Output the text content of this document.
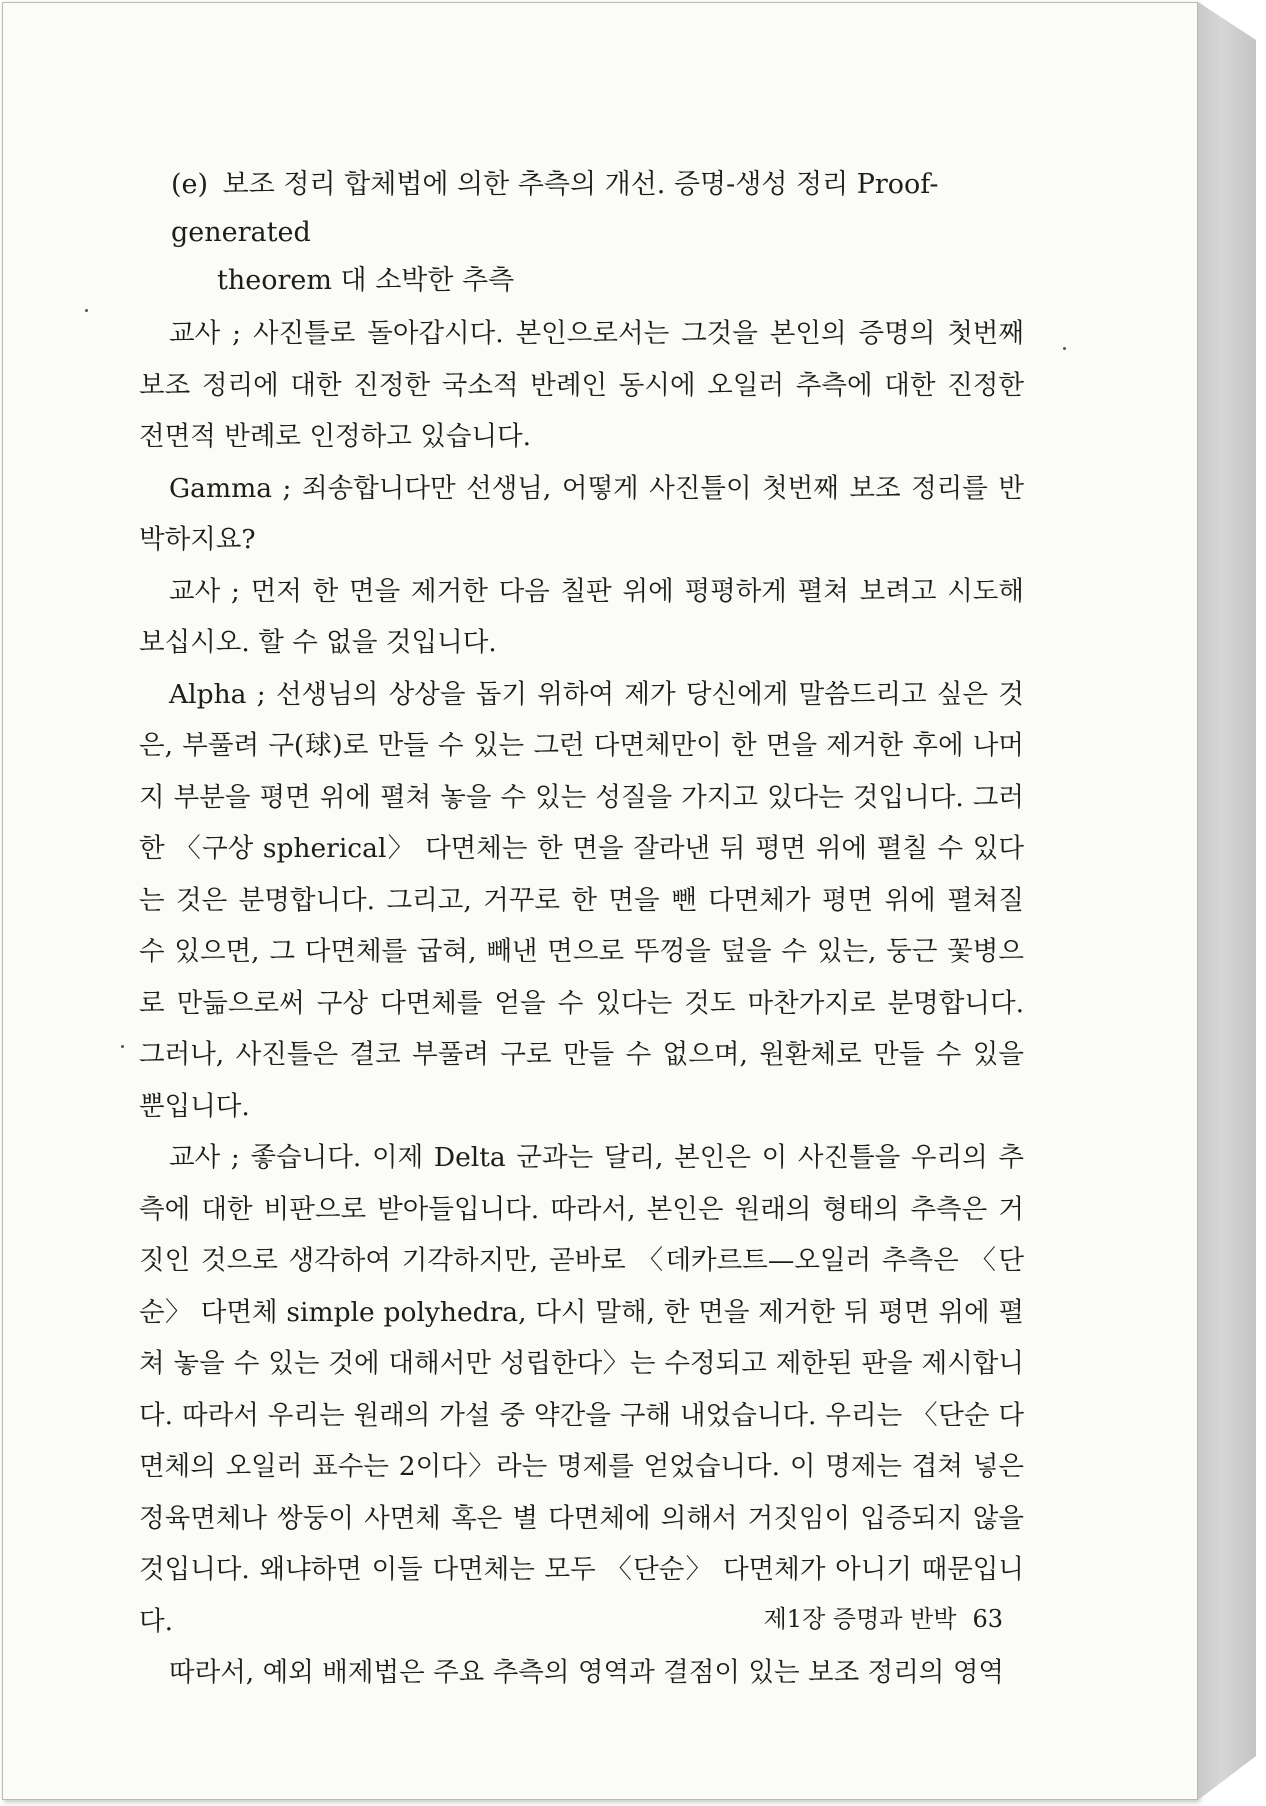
(e) 보조 정리 합체법에 의한 추측의 개선. 증명-생성 정리 Proof-generated
theorem 대 소박한 추측

교사 ; 사진틀로 돌아갑시다. 본인으로서는 그것을 본인의 증명의 첫번째 보조 정리에 대한 진정한 국소적 반례인 동시에 오일러 추측에 대한 진정한 전면적 반례로 인정하고 있습니다.

Gamma ; 죄송합니다만 선생님, 어떻게 사진틀이 첫번째 보조 정리를 반박하지요?

교사 ; 먼저 한 면을 제거한 다음 칠판 위에 평평하게 펼쳐 보려고 시도해 보십시오. 할 수 없을 것입니다.

Alpha ; 선생님의 상상을 돕기 위하여 제가 당신에게 말씀드리고 싶은 것은, 부풀려 구(球)로 만들 수 있는 그런 다면체만이 한 면을 제거한 후에 나머지 부분을 평면 위에 펼쳐 놓을 수 있는 성질을 가지고 있다는 것입니다. 그러한 〈구상 spherical〉 다면체는 한 면을 잘라낸 뒤 평면 위에 펼칠 수 있다는 것은 분명합니다. 그리고, 거꾸로 한 면을 뺀 다면체가 평면 위에 펼쳐질 수 있으면, 그 다면체를 굽혀, 빼낸 면으로 뚜껑을 덮을 수 있는, 둥근 꽃병으로 만듦으로써 구상 다면체를 얻을 수 있다는 것도 마찬가지로 분명합니다. 그러나, 사진틀은 결코 부풀려 구로 만들 수 없으며, 원환체로 만들 수 있을 뿐입니다.

교사 ; 좋습니다. 이제 Delta 군과는 달리, 본인은 이 사진틀을 우리의 추측에 대한 비판으로 받아들입니다. 따라서, 본인은 원래의 형태의 추측은 거짓인 것으로 생각하여 기각하지만, 곧바로 〈데카르트—오일러 추측은 〈단순〉 다면체 simple polyhedra, 다시 말해, 한 면을 제거한 뒤 평면 위에 펼쳐 놓을 수 있는 것에 대해서만 성립한다〉는 수정되고 제한된 판을 제시합니다. 따라서 우리는 원래의 가설 중 약간을 구해 내었습니다. 우리는 〈단순 다면체의 오일러 표수는 2이다〉라는 명제를 얻었습니다. 이 명제는 겹쳐 넣은 정육면체나 쌍둥이 사면체 혹은 별 다면체에 의해서 거짓임이 입증되지 않을 것입니다. 왜냐하면 이들 다면체는 모두 〈단순〉 다면체가 아니기 때문입니다.

따라서, 예외 배제법은 주요 추측의 영역과 결점이 있는 보조 정리의 영역

제1장 증명과 반박 63
